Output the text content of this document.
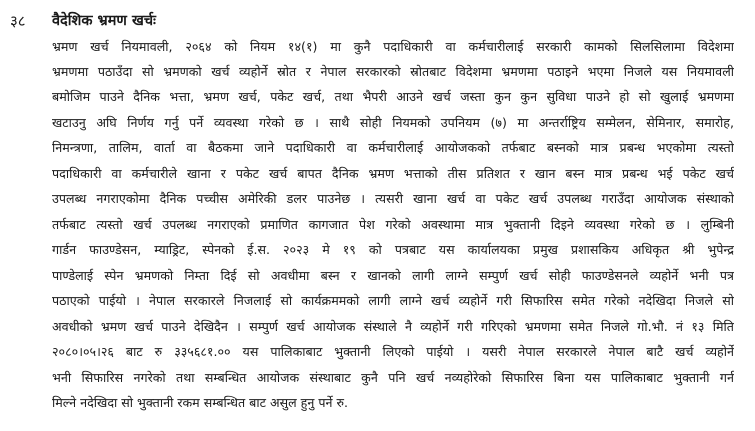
३८ वैदेशिक भ्रमण खर्चः
भ्रमण खर्च नियमावली, २०६४ को नियम १४(१) मा कुनै पदाधिकारी वा कर्मचारीलाई सरकारी कामको सिलसिलामा विदेशमा
भ्रमणमा पठाउँदा सो भ्रमणको खर्च व्यहोर्ने स्रोत र नेपाल सरकारको स्रोतबाट विदेशमा भ्रमणमा पठाइने भएमा निजले यस नियमावली
बमोजिम पाउने दैनिक भत्ता, भ्रमण खर्च, पकेट खर्च, तथा भैपरी आउने खर्च जस्ता कुन कुन सुविधा पाउने हो सो खुलाई भ्रमणमा
खटाउनु अघि निर्णय गर्नु पर्ने व्यवस्था गरेको छ । साथै सोही नियमको उपनियम (७) मा अन्तर्राष्ट्रिय सम्मेलन, सेमिनार, समारोह,
निमन्त्रणा, तालिम, वार्ता वा बैठकमा जाने पदाधिकारी वा कर्मचारीलाई आयोजकको तर्फबाट बस्नको मात्र प्रबन्ध भएकोमा त्यस्तो
पदाधिकारी वा कर्मचारीले खाना र पकेट खर्च बापत दैनिक भ्रमण भत्ताको तीस प्रतिशत र खान बस्न मात्र प्रबन्ध भई पकेट खर्च
उपलब्ध नगराएकोमा दैनिक पच्चीस अमेरिकी डलर पाउनेछ । त्यसरी खाना खर्च वा पकेट खर्च उपलब्ध गराउँदा आयोजक संस्थाको
तर्फबाट त्यस्तो खर्च उपलब्ध नगराएको प्रमाणित कागजात पेश गरेको अवस्थामा मात्र भुक्तानी दिइने व्यवस्था गरेको छ । लुम्बिनी
गार्डन फाउण्डेसन, म्याड्रिट, स्पेनको ई.स. २०२३ मे १९ को पत्रबाट यस कार्यालयका प्रमुख प्रशासकिय अधिकृत श्री भुपेन्द्र
पाण्डेलाई स्पेन भ्रमणको निम्ता दिई सो अवधीमा बस्न र खानको लागी लाग्ने सम्पुर्ण खर्च सोही फाउण्डेसनले व्यहोर्ने भनी पत्र
पठाएको पाईयो । नेपाल सरकारले निजलाई सो कार्यक्रममको लागी लाग्ने खर्च व्यहोर्ने गरी सिफारिस समेत गरेको नदेखिदा निजले सो
अवधीको भ्रमण खर्च पाउने देखिदैन । सम्पुर्ण खर्च आयोजक संस्थाले नै व्यहोर्ने गरी गरिएको भ्रमणमा समेत निजले गो.भौ. नं १३ मिति
२०८०।०५।२६ बाट रु ३३५६८१.०० यस पालिकाबाट भुक्तानी लिएको पाईयो । यसरी नेपाल सरकारले नेपाल बाटै खर्च व्यहोर्ने
भनी सिफारिस नगरेको तथा सम्बन्धित आयोजक संस्थाबाट कुनै पनि खर्च नव्यहोरेको सिफारिस बिना यस पालिकाबाट भुक्तानी गर्न
मिल्ने नदेखिदा सो भुक्तानी रकम सम्बन्धित बाट असुल हुनु पर्ने रु.
